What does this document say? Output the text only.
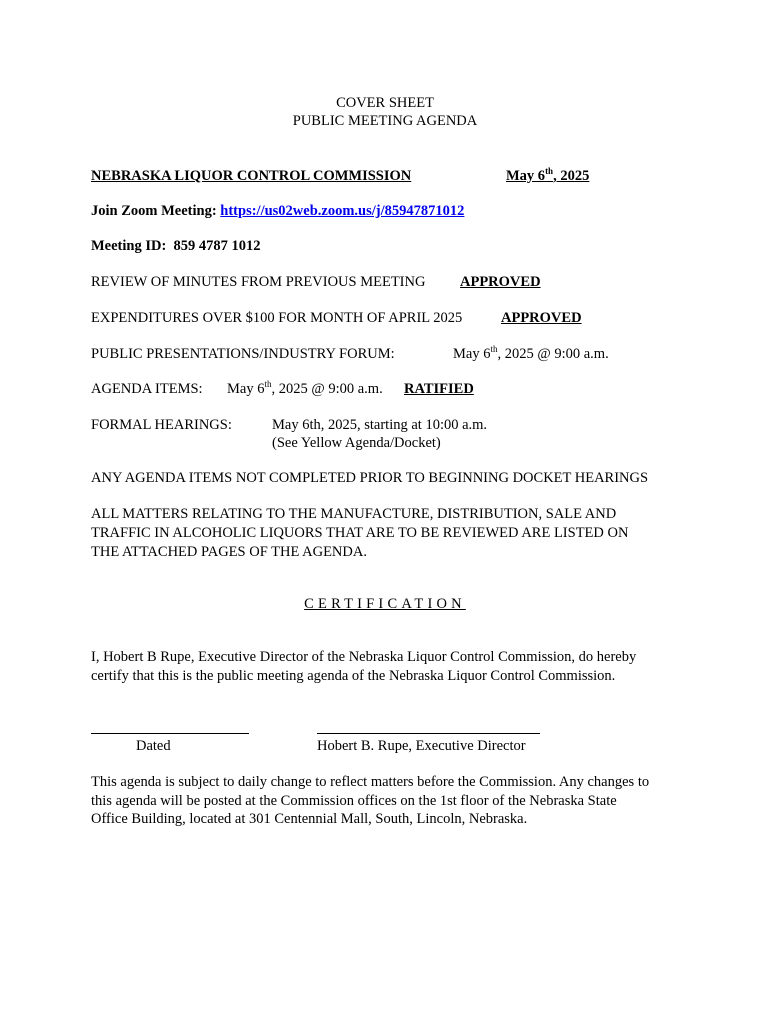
COVER SHEET
PUBLIC MEETING AGENDA
NEBRASKA LIQUOR CONTROL COMMISSION	May 6th, 2025
Join Zoom Meeting: https://us02web.zoom.us/j/85947871012
Meeting ID: 859 4787 1012
REVIEW OF MINUTES FROM PREVIOUS MEETING APPROVED
EXPENDITURES OVER $100 FOR MONTH OF APRIL 2025	APPROVED
PUBLIC PRESENTATIONS/INDUSTRY FORUM:	May 6th, 2025 @ 9:00 a.m.
AGENDA ITEMS: May 6th, 2025 @ 9:00 a.m. RATIFIED
FORMAL HEARINGS:	May 6th, 2025, starting at 10:00 a.m.
(See Yellow Agenda/Docket)
ANY AGENDA ITEMS NOT COMPLETED PRIOR TO BEGINNING DOCKET HEARINGS
ALL MATTERS RELATING TO THE MANUFACTURE, DISTRIBUTION, SALE AND
TRAFFIC IN ALCOHOLIC LIQUORS THAT ARE TO BE REVIEWED ARE LISTED ON
THE ATTACHED PAGES OF THE AGENDA.
CERTIFICATION
I, Hobert B Rupe, Executive Director of the Nebraska Liquor Control Commission, do hereby
certify that this is the public meeting agenda of the Nebraska Liquor Control Commission.
Dated	Hobert B. Rupe, Executive Director
This agenda is subject to daily change to reflect matters before the Commission. Any changes to
this agenda will be posted at the Commission offices on the 1st floor of the Nebraska State
Office Building, located at 301 Centennial Mall, South, Lincoln, Nebraska.
